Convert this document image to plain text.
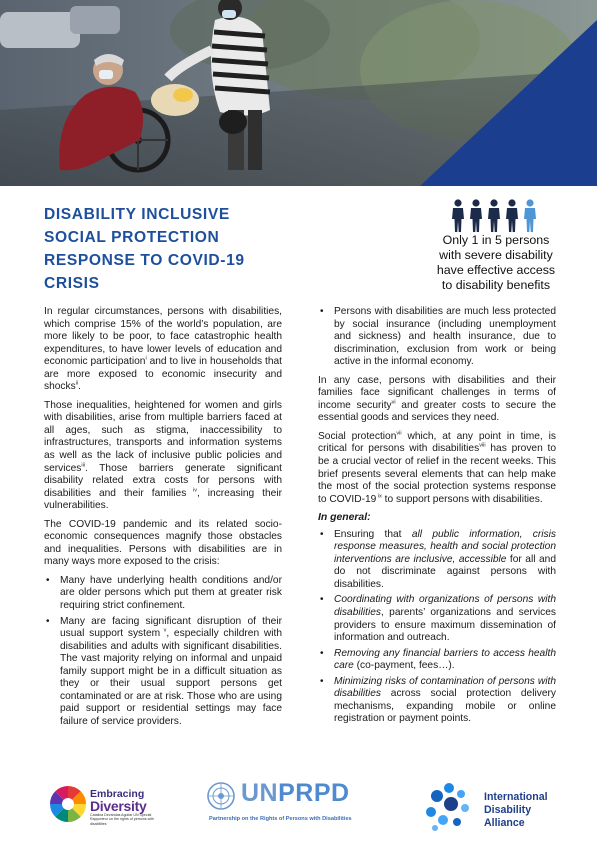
DISABILITY INCLUSIVE
SOCIAL PROTECTION
RESPONSE TO COVID-19
CRISIS
Only 1 in 5 persons
with severe disability
have effective access
to disability benefits

In regular circumstances, persons with disabilities, which comprise 15% of the world’s population, are more likely to be poor, to face catastrophic health expenditures, to have lower levels of education and economic participation$^i$ and to live in households that are more exposed to economic insecurity and shocks$^{ii}$.

Those inequalities, heightened for women and girls with disabilities, arise from multiple barriers faced at all ages, such as stigma, inaccessibility to infrastructures, transports and information systems as well as the lack of inclusive public policies and services$^{iii}$. Those barriers generate significant disability related extra costs for persons with disabilities and their families $^{iv}$, increasing their vulnerabilities.

The COVID-19 pandemic and its related socio-economic consequences magnify those obstacles and inequalities. Persons with disabilities are in many ways more exposed to the crisis:

• Many have underlying health conditions and/or are older persons which put them at greater risk requiring strict confinement.
• Many are facing significant disruption of their usual support system $^v$, especially children with disabilities and adults with significant disabilities. The vast majority relying on informal and unpaid family support might be in a difficult situation as they or their usual support persons get contaminated or are at risk. Those who are using paid support or residential settings may face failure of service providers.
• Persons with disabilities are much less protected by social insurance (including unemployment and sickness) and health insurance, due to discrimination, exclusion from work or being active in the informal economy.

In any case, persons with disabilities and their families face significant challenges in terms of income security$^{vi}$ and greater costs to secure the essential goods and services they need.

Social protection$^{vii}$ which, at any point in time, is critical for persons with disabilities$^{viii}$ has proven to be a crucial vector of relief in the recent weeks. This brief presents several elements that can help make the most of the social protection systems response to COVID-19 $^{ix}$ to support persons with disabilities.

In general:
• Ensuring that all public information, crisis response measures, health and social protection interventions are inclusive, accessible for all and do not discriminate against persons with disabilities.
• Coordinating with organizations of persons with disabilities, parents’ organizations and services providers to ensure maximum dissemination of information and outreach.
• Removing any financial barriers to access health care (co-payment, fees…).
• Minimizing risks of contamination of persons with disabilities across social protection delivery mechanisms, expanding mobile or online registration or payment points.
Embracing
Diversity
Catalina Devandas Aguilar UN Special Rapporteur on the rights of persons with disabilities
UNPRPD
Partnership on the Rights of Persons with Disabilities
International
Disability
Alliance
